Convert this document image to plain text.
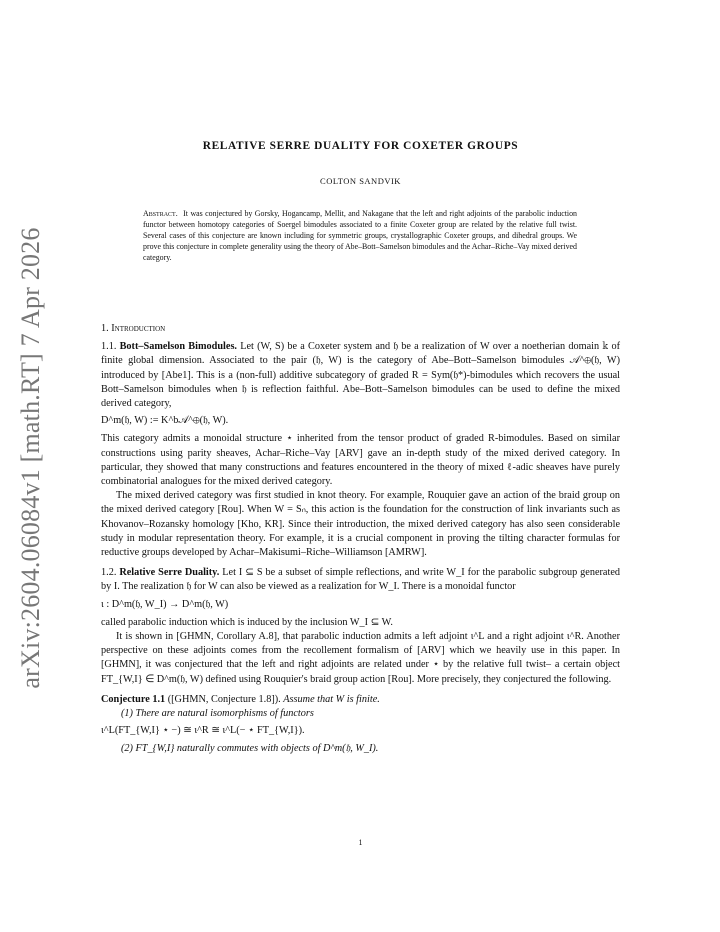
arXiv:2604.06084v1 [math.RT] 7 Apr 2026
RELATIVE SERRE DUALITY FOR COXETER GROUPS
COLTON SANDVIK
Abstract. It was conjectured by Gorsky, Hogancamp, Mellit, and Nakagane that the left and right adjoints of the parabolic induction functor between homotopy categories of Soergel bimodules associated to a finite Coxeter group are related by the relative full twist. Several cases of this conjecture are known including for symmetric groups, crystallographic Coxeter groups, and dihedral groups. We prove this conjecture in complete generality using the theory of Abe–Bott–Samelson bimodules and the Achar–Riche–Vay mixed derived category.

1. Introduction

1.1. Bott–Samelson Bimodules. Let (W, S) be a Coxeter system and 𝔥 be a realization of W over a noetherian domain 𝕜 of finite global dimension. Associated to the pair (𝔥, W) is the category of Abe–Bott–Samelson bimodules 𝒜^⊕(𝔥, W) introduced by [Abe1]. This is a (non-full) additive subcategory of graded R = Sym(𝔥*)-bimodules which recovers the usual Bott–Samelson bimodules when 𝔥 is reflection faithful. Abe–Bott–Samelson bimodules can be used to define the mixed derived category,

D^m(𝔥, W) := K^b𝒜^⊕(𝔥, W).

This category admits a monoidal structure ⋆ inherited from the tensor product of graded R-bimodules. Based on similar constructions using parity sheaves, Achar–Riche–Vay [ARV] gave an in-depth study of the mixed derived category. In particular, they showed that many constructions and features encountered in the theory of mixed ℓ-adic sheaves have purely combinatorial analogues for the mixed derived category.

The mixed derived category was first studied in knot theory. For example, Rouquier gave an action of the braid group on the mixed derived category [Rou]. When W = Sₙ, this action is the foundation for the construction of link invariants such as Khovanov–Rozansky homology [Kho, KR]. Since their introduction, the mixed derived category has also seen considerable study in modular representation theory. For example, it is a crucial component in proving the tilting character formulas for reductive groups developed by Achar–Makisumi–Riche–Williamson [AMRW].

1.2. Relative Serre Duality. Let I ⊆ S be a subset of simple reflections, and write W_I for the parabolic subgroup generated by I. The realization 𝔥 for W can also be viewed as a realization for W_I. There is a monoidal functor

ι : D^m(𝔥, W_I) → D^m(𝔥, W)

called parabolic induction which is induced by the inclusion W_I ⊆ W.

It is shown in [GHMN, Corollary A.8], that parabolic induction admits a left adjoint ι^L and a right adjoint ι^R. Another perspective on these adjoints comes from the recollement formalism of [ARV] which we heavily use in this paper. In [GHMN], it was conjectured that the left and right adjoints are related under ⋆ by the relative full twist– a certain object FT_{W,I} ∈ D^m(𝔥, W) defined using Rouquier's braid group action [Rou]. More precisely, they conjectured the following.

Conjecture 1.1 ([GHMN, Conjecture 1.8]). Assume that W is finite.

(1) There are natural isomorphisms of functors

ι^L(FT_{W,I} ⋆ −) ≅ ι^R ≅ ι^L(− ⋆ FT_{W,I}).

(2) FT_{W,I} naturally commutes with objects of D^m(𝔥, W_I).

1
